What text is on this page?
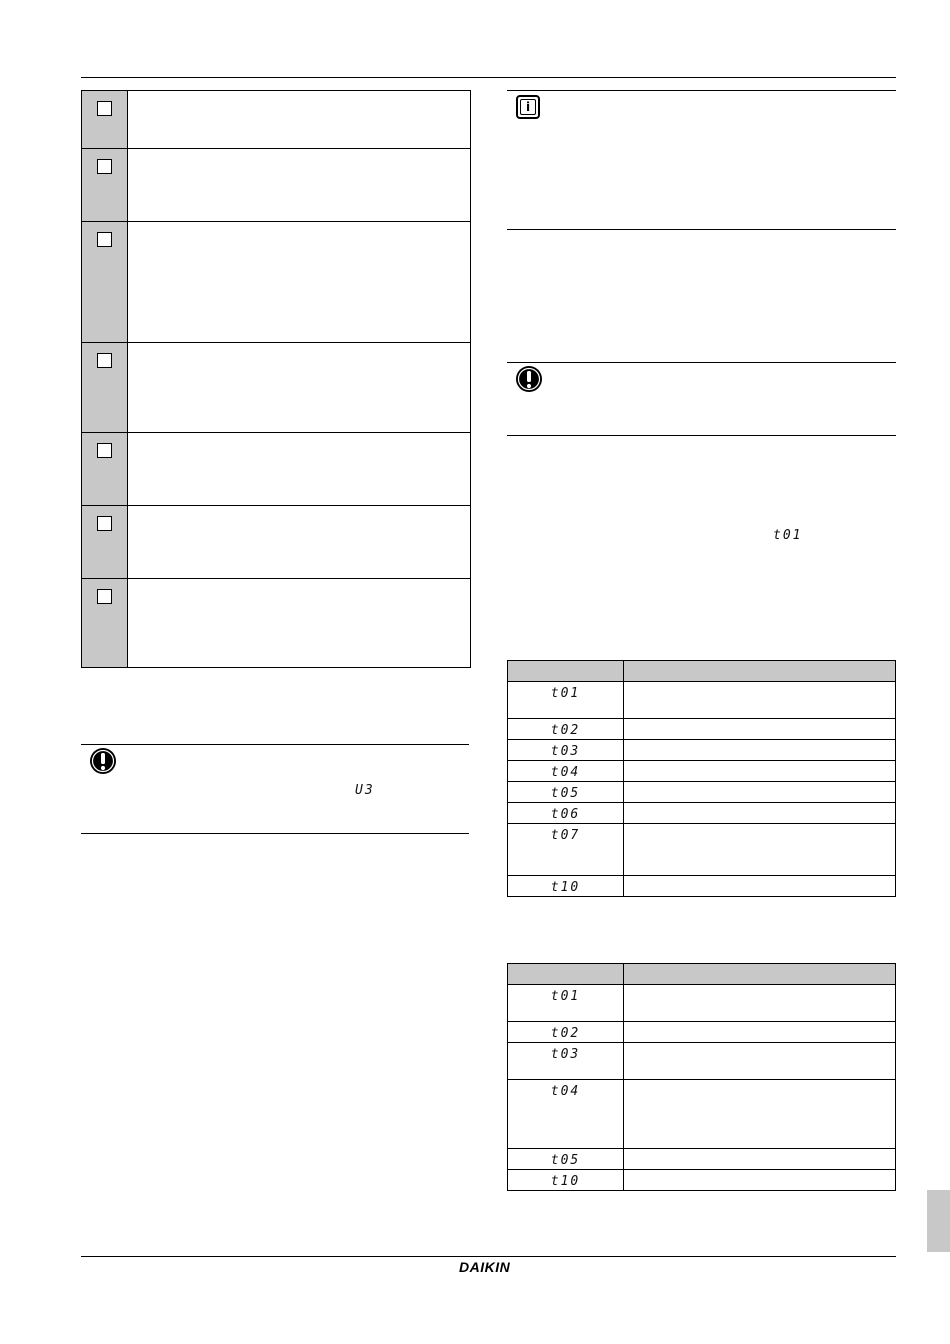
U3
i
t01

t01	
t02	
t03	
t04	
t05	
t06	
t07	
t10	

t01	
t02	
t03	
t04	
t05	
t10	
DAIKIN
